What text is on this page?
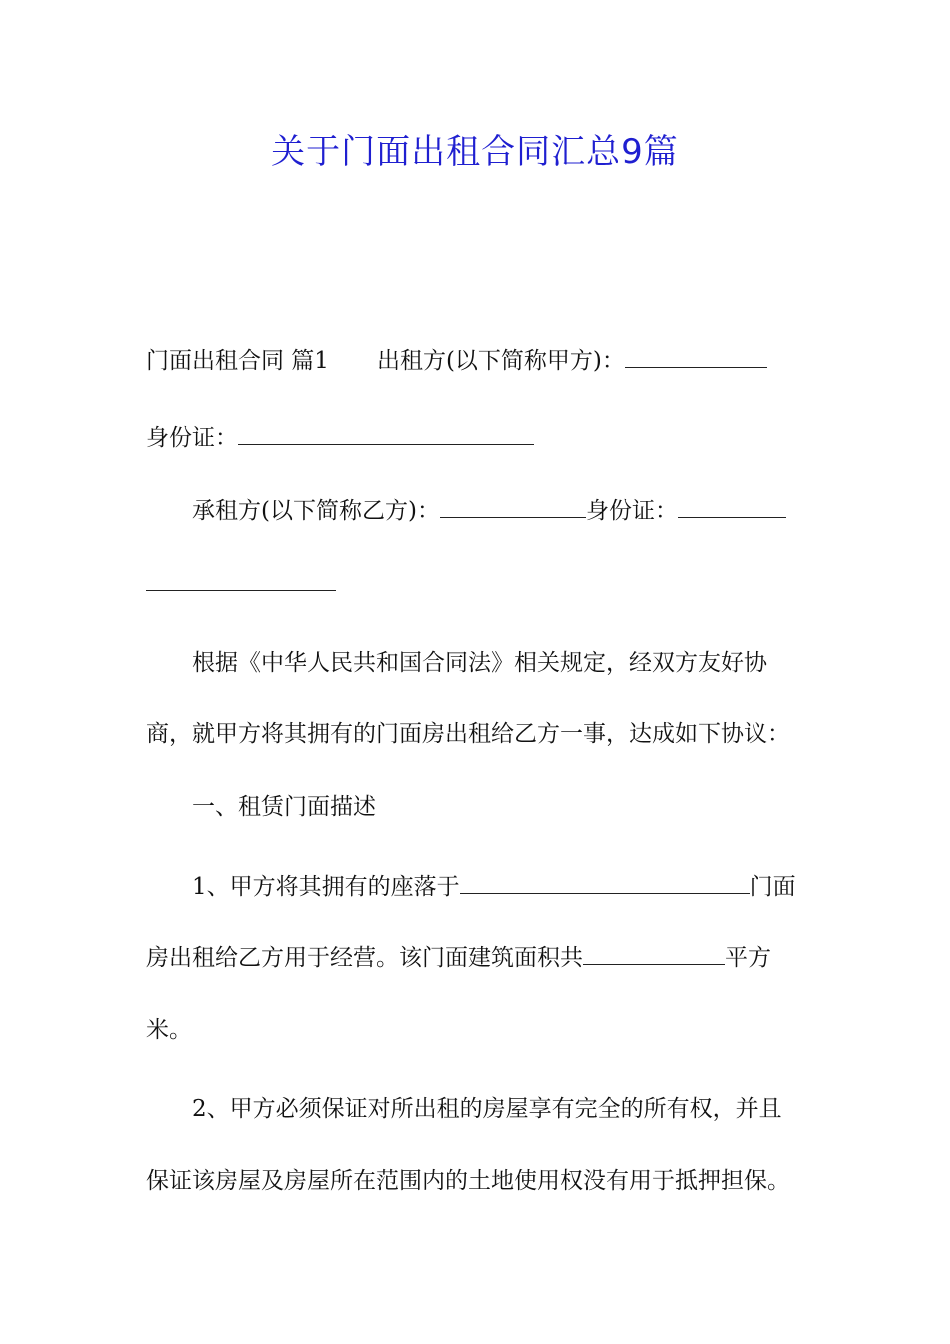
关于门面出租合同汇总9篇
门面出租合同 篇1 出租方(以下简称甲方)：
身份证：
承租方(以下简称乙方)：	身份证：
根据《中华人民共和国合同法》相关规定，经双方友好协
商，就甲方将其拥有的门面房出租给乙方一事，达成如下协议：
一、租赁门面描述
1、甲方将其拥有的座落于	门面
房出租给乙方用于经营。该门面建筑面积共	平方
米。
2、甲方必须保证对所出租的房屋享有完全的所有权，并且
保证该房屋及房屋所在范围内的土地使用权没有用于抵押担保。
